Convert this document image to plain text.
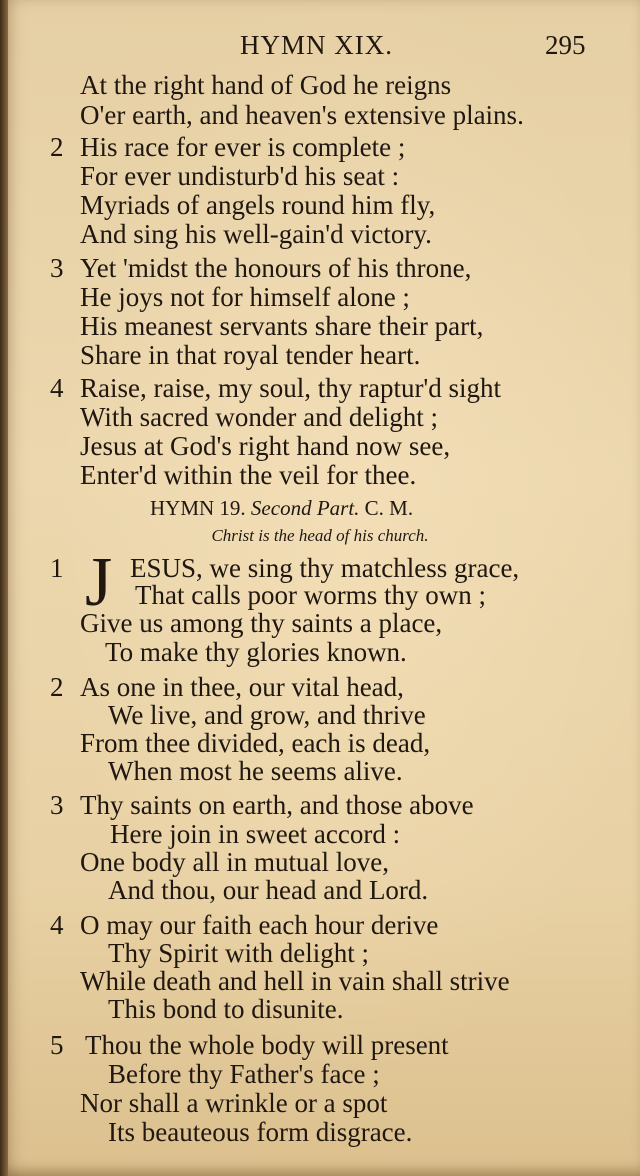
HYMN XIX.	295
At the right hand of God he reigns
O'er earth, and heaven's extensive plains.
2 His race for ever is complete ;
For ever undisturb'd his seat :
Myriads of angels round him fly,
And sing his well-gain'd victory.
3 Yet 'midst the honours of his throne,
He joys not for himself alone ;
His meanest servants share their part,
Share in that royal tender heart.
4 Raise, raise, my soul, thy raptur'd sight
With sacred wonder and delight ;
Jesus at God's right hand now see,
Enter'd within the veil for thee.
HYMN 19. Second Part. C. M.
Christ is the head of his church.
1 J ESUS, we sing thy matchless grace,
That calls poor worms thy own ;
Give us among thy saints a place,
To make thy glories known.
2 As one in thee, our vital head,
We live, and grow, and thrive
From thee divided, each is dead,
When most he seems alive.
3 Thy saints on earth, and those above
Here join in sweet accord :
One body all in mutual love,
And thou, our head and Lord.
4 O may our faith each hour derive
Thy Spirit with delight ;
While death and hell in vain shall strive
This bond to disunite.
5 Thou the whole body will present
Before thy Father's face ;
Nor shall a wrinkle or a spot
Its beauteous form disgrace.
